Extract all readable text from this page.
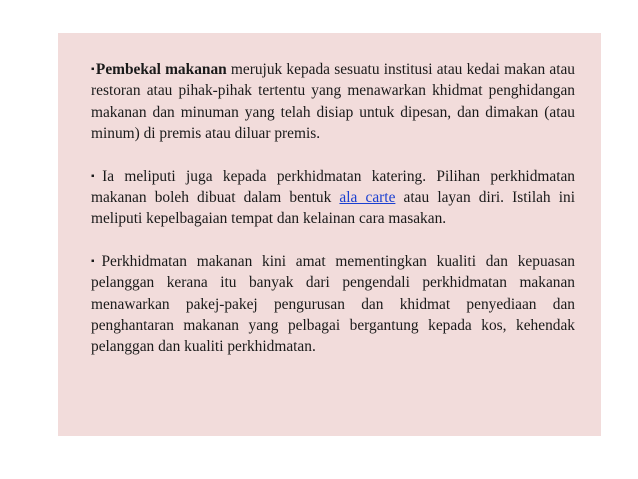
▪Pembekal makanan merujuk kepada sesuatu institusi atau kedai makan atau restoran atau pihak-pihak tertentu yang menawarkan khidmat penghidangan makanan dan minuman yang telah disiap untuk dipesan, dan dimakan (atau minum) di premis atau diluar premis.

▪Ia meliputi juga kepada perkhidmatan katering. Pilihan perkhidmatan makanan boleh dibuat dalam bentuk ala carte atau layan diri. Istilah ini meliputi kepelbagaian tempat dan kelainan cara masakan.

▪Perkhidmatan makanan kini amat mementingkan kualiti dan kepuasan pelanggan kerana itu banyak dari pengendali perkhidmatan makanan menawarkan pakej-pakej pengurusan dan khidmat penyediaan dan penghantaran makanan yang pelbagai bergantung kepada kos, kehendak pelanggan dan kualiti perkhidmatan.
